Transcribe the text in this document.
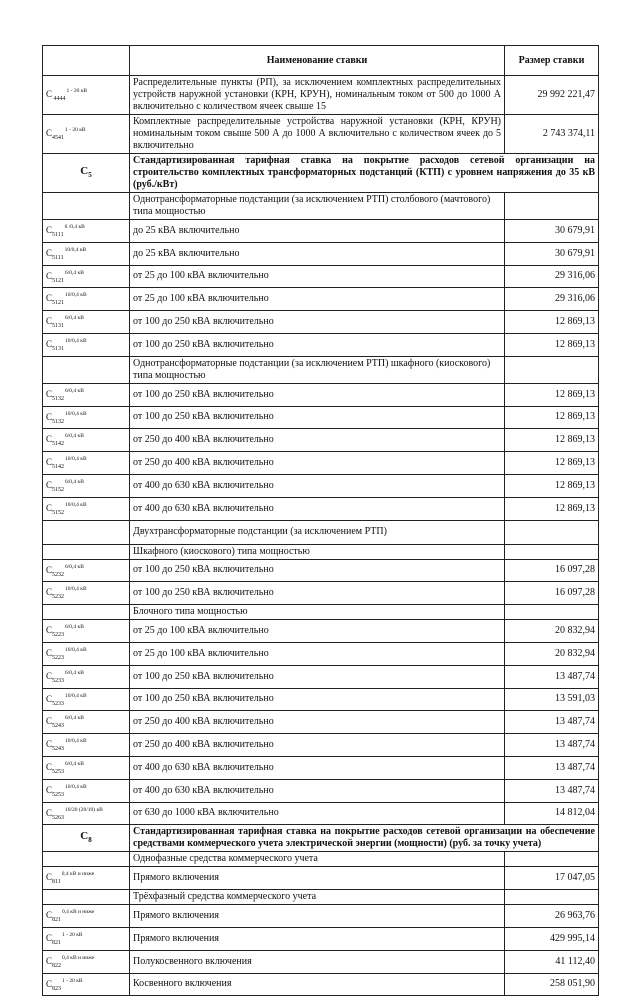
	Наименование ставки	Размер ставки
С $_{4444}^{1 - 20 кВ}$	Распределительные пункты (РП), за исключением комплектных распределительных устройств наружной установки (КРН, КРУН), номинальным током от 500 до 1000 А включительно с количеством ячеек свыше 15	29 992 221,47
$С_{4541}^{1 - 20 кВ}$	Комплектные распределительные устройства наружной установки (КРН, КРУН) номинальным током свыше 500 А до 1000 А включительно с количеством ячеек до 5 включительно	2 743 374,11
$С_5$	Стандартизированная тарифная ставка на покрытие расходов сетевой организации на строительство комплектных трансформаторных подстанций (КТП) с уровнем напряжения до 35 кВ (руб./кВт)	
	Однотрансформаторные подстанции (за исключением РТП) столбового (мачтового) типа мощностью	
$С_{5111}^{6 /0,4 кВ}$	до 25 кВА включительно	30 679,91
$С_{5111}^{10/0,4 кВ}$	до 25 кВА включительно	30 679,91
$С_{5121}^{6/0,4 кВ}$	от 25 до 100 кВА включительно	29 316,06
$С_{5121}^{10/0,4 кВ}$	от 25 до 100 кВА включительно	29 316,06
$С_{5131}^{6/0,4 кВ}$	от 100 до 250 кВА включительно	12 869,13
$С_{5131}^{10/0,4 кВ}$	от 100 до 250 кВА включительно	12 869,13
	Однотрансформаторные подстанции (за исключением РТП) шкафного (киоскового) типа мощностью	
$С_{5132}^{6/0,4 кВ}$	от 100 до 250 кВА включительно	12 869,13
$С_{5132}^{10/0,4 кВ}$	от 100 до 250 кВА включительно	12 869,13
$С_{5142}^{6/0,4 кВ}$	от 250 до 400 кВА включительно	12 869,13
$С_{5142}^{10/0,4 кВ}$	от 250 до 400 кВА включительно	12 869,13
$С_{5152}^{6/0,4 кВ}$	от 400 до 630 кВА включительно	12 869,13
$С_{5152}^{10/0,4 кВ}$	от 400 до 630 кВА включительно	12 869,13
	Двухтрансформаторные подстанции (за исключением РТП)	
	Шкафного (киоскового) типа мощностью	
$С_{5232}^{6/0,4 кВ}$	от 100 до 250 кВА включительно	16 097,28
$С_{5232}^{10/0,4 кВ}$	от 100 до 250 кВА включительно	16 097,28
	Блочного типа мощностью	
$С_{5223}^{6/0,4 кВ}$	от 25 до 100 кВА включительно	20 832,94
$С_{5223}^{10/0,4 кВ}$	от 25 до 100 кВА включительно	20 832,94
$С_{5233}^{6/0,4 кВ}$	от 100 до 250 кВА включительно	13 487,74
$С_{5233}^{10/0,4 кВ}$	от 100 до 250 кВА включительно	13 591,03
$С_{5243}^{6/0,4 кВ}$	от 250 до 400 кВА включительно	13 487,74
$С_{5243}^{10/0,4 кВ}$	от 250 до 400 кВА включительно	13 487,74
$С_{5253}^{6/0,4 кВ}$	от 400 до 630 кВА включительно	13 487,74
$С_{5253}^{10/0,4 кВ}$	от 400 до 630 кВА включительно	13 487,74
$С_{5263}^{10/20 (20/10) кВ}$	от 630 до 1000 кВА включительно	14 812,04
$С_8$	Стандартизированная тарифная ставка на покрытие расходов сетевой организации на обеспечение средствами коммерческого учета электрической энергии (мощности) (руб. за точку учета)	
	Однофазные средства коммерческого учета	
$С_{811}^{0,4 кВ и ниже}$	Прямого включения	17 047,05
	Трёхфазный средства коммерческого учета	
$С_{821}^{0,4 кВ и ниже}$	Прямого включения	26 963,76
$С_{821}^{1 - 20 кВ}$	Прямого включения	429 995,14
$С_{822}^{0,4 кВ и ниже}$	Полукосвенного включения	41 112,40
$С_{823}^{1 - 20 кВ}$	Косвенного включения	258 051,90
